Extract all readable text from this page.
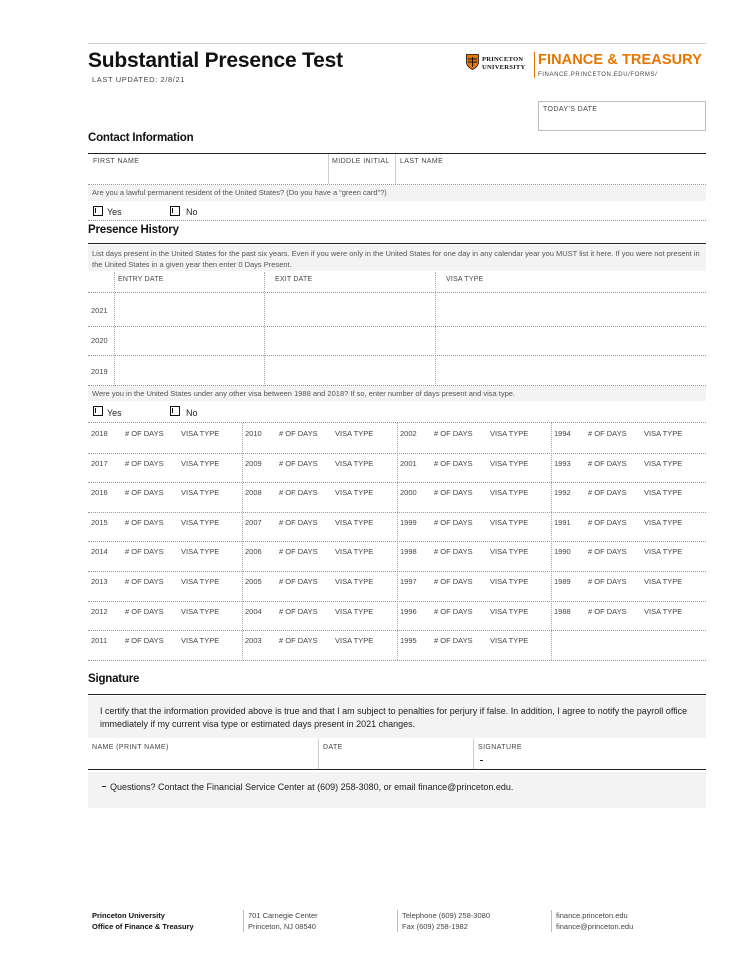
Substantial Presence Test
LAST UPDATED: 2/8/21
PRINCETON
UNIVERSITY FINANCE & TREASURY
FINANCE.PRINCETON.EDU/FORMS/
TODAY'S DATE
Contact Information
FIRST NAME	MIDDLE INITIAL LAST NAME
Are you a lawful permanent resident of the United States? (Do you have a “green card”?)
Yes	No
Presence History
List days present in the United States for the past six years. Even if you were only in the United States for one day in any calendar year you MUST list it here. If you were not present in the United States in a given year then enter 0 Days Present.
ENTRY DATE	EXIT DATE	VISA TYPE
2021
2020
2019
Were you in the United States under any other visa between 1988 and 2018? If so, enter number of days present and visa type.
Yes	No
2018 # OF DAYS VISA TYPE
2017 # OF DAYS VISA TYPE
2016 # OF DAYS VISA TYPE
2015 # OF DAYS VISA TYPE
2014 # OF DAYS VISA TYPE
2013 # OF DAYS VISA TYPE
2012 # OF DAYS VISA TYPE
2011 # OF DAYS VISA TYPE
2010 # OF DAYS VISA TYPE
2009 # OF DAYS VISA TYPE
2008 # OF DAYS VISA TYPE
2007 # OF DAYS VISA TYPE
2006 # OF DAYS VISA TYPE
2005 # OF DAYS VISA TYPE
2004 # OF DAYS VISA TYPE
2003 # OF DAYS VISA TYPE
2002 # OF DAYS VISA TYPE
2001 # OF DAYS VISA TYPE
2000 # OF DAYS VISA TYPE
1999 # OF DAYS VISA TYPE
1998 # OF DAYS VISA TYPE
1997 # OF DAYS VISA TYPE
1996 # OF DAYS VISA TYPE
1995 # OF DAYS VISA TYPE
1994 # OF DAYS VISA TYPE
1993 # OF DAYS VISA TYPE
1992 # OF DAYS VISA TYPE
1991 # OF DAYS VISA TYPE
1990 # OF DAYS VISA TYPE
1989 # OF DAYS VISA TYPE
1988 # OF DAYS VISA TYPE
Signature
I certify that the information provided above is true and that I am subject to penalties for perjury if false. In addition, I agree to notify the payroll office immediately if my current visa type or estimated days present in 2021 changes.
NAME (PRINT NAME)	DATE	SIGNATURE
Questions? Contact the Financial Service Center at (609) 258-3080, or email finance@princeton.edu.
Princeton University
Office of Finance & Treasury
701 Carnegie Center
Princeton, NJ 08540
Telephone (609) 258-3080
Fax (609) 258-1982
finance.princeton.edu
finance@princeton.edu
